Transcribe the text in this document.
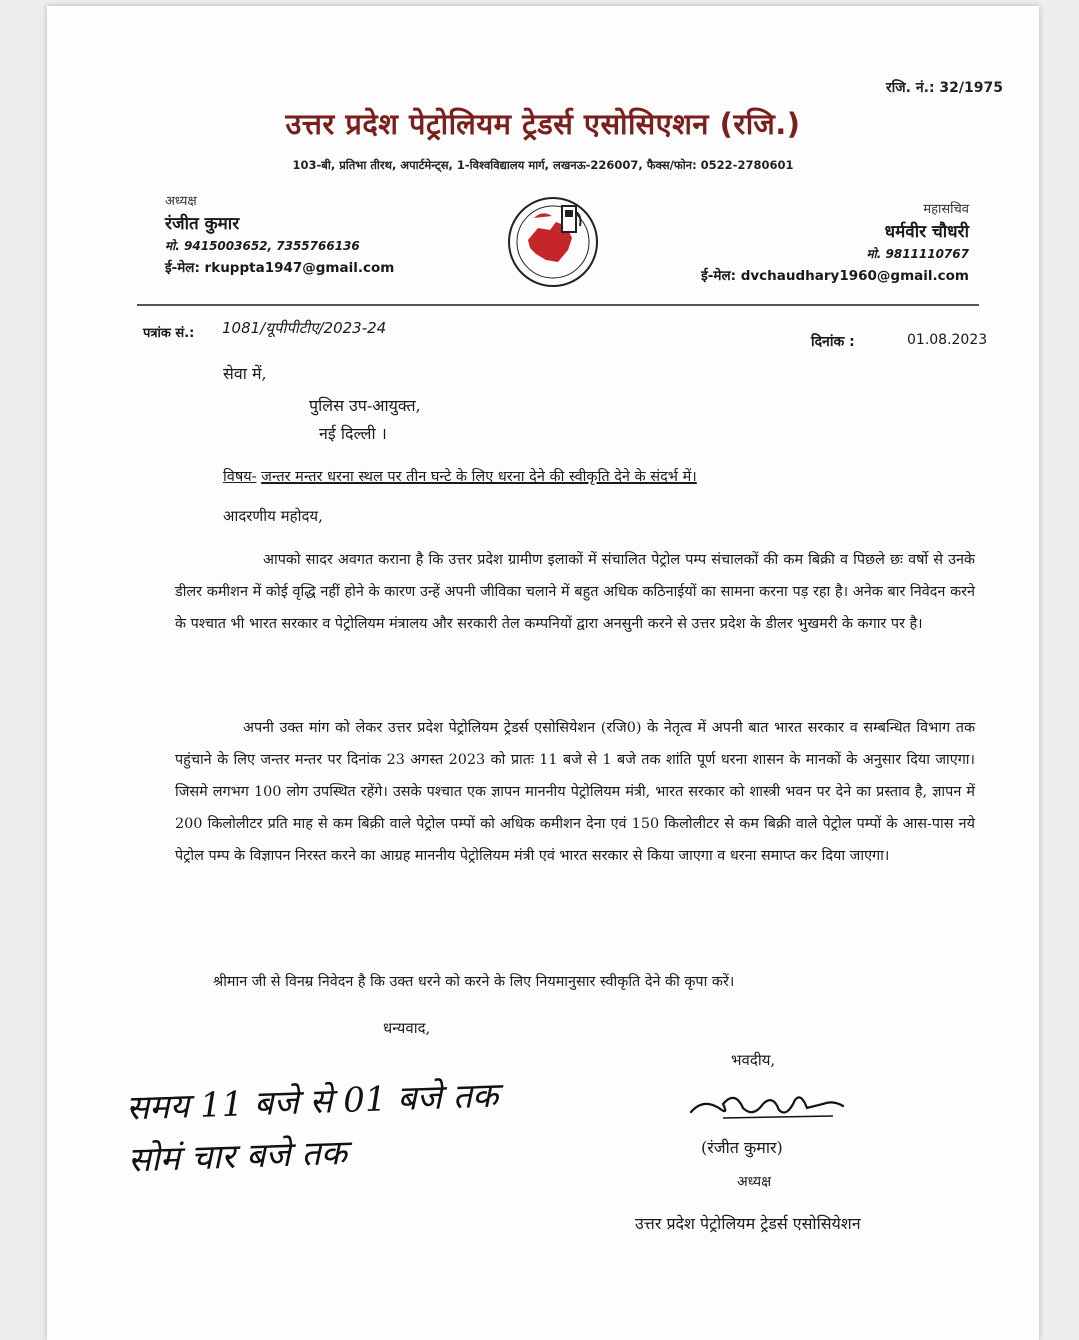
रजि. नं.: 32/1975
उत्तर प्रदेश पेट्रोलियम ट्रेडर्स एसोसिएशन (रजि.)
103-बी, प्रतिभा तीरथ, अपार्टमेन्ट्स, 1-विश्वविद्यालय मार्ग, लखनऊ-226007, फैक्स/फोन: 0522-2780601
अध्यक्ष
रंजीत कुमार
मो. 9415003652, 7355766136
ई-मेल: rkuppta1947@gmail.com
महासचिव
धर्मवीर चौधरी
मो. 9811110767
ई-मेल: dvchaudhary1960@gmail.com
पत्रांक सं.: 1081/यूपीपीटीए/2023-24
दिनांक :	01.08.2023
सेवा में,
पुलिस उप-आयुक्त,
नई दिल्ली ।
विषय- जन्तर मन्तर धरना स्थल पर तीन घन्टे के लिए धरना देने की स्वीकृति देने के संदर्भ में।
आदरणीय महोदय,
आपको सादर अवगत कराना है कि उत्तर प्रदेश ग्रामीण इलाकों में संचालित पेट्रोल पम्प संचालकों की कम बिक्री व पिछले छः वर्षो से उनके डीलर कमीशन में कोई वृद्धि नहीं होने के कारण उन्हें अपनी जीविका चलाने में बहुत अधिक कठिनाईयों का सामना करना पड़ रहा है। अनेक बार निवेदन करने के पश्चात भी भारत सरकार व पेट्रोलियम मंत्रालय और सरकारी तेल कम्पनियों द्वारा अनसुनी करने से उत्तर प्रदेश के डीलर भुखमरी के कगार पर है।
अपनी उक्त मांग को लेकर उत्तर प्रदेश पेट्रोलियम ट्रेडर्स एसोसियेशन (रजि0) के नेतृत्व में अपनी बात भारत सरकार व सम्बन्धित विभाग तक पहुंचाने के लिए जन्तर मन्तर पर दिनांक 23 अगस्त 2023 को प्रातः 11 बजे से 1 बजे तक शांति पूर्ण धरना शासन के मानकों के अनुसार दिया जाएगा। जिसमे लगभग 100 लोग उपस्थित रहेंगे। उसके पश्चात एक ज्ञापन माननीय पेट्रोलियम मंत्री, भारत सरकार को शास्त्री भवन पर देने का प्रस्ताव है, ज्ञापन में 200 किलोलीटर प्रति माह से कम बिक्री वाले पेट्रोल पम्पों को अधिक कमीशन देना एवं 150 किलोलीटर से कम बिक्री वाले पेट्रोल पम्पों के आस-पास नये पेट्रोल पम्प के विज्ञापन निरस्त करने का आग्रह माननीय पेट्रोलियम मंत्री एवं भारत सरकार से किया जाएगा व धरना समाप्त कर दिया जाएगा।
श्रीमान जी से विनम्र निवेदन है कि उक्त धरने को करने के लिए नियमानुसार स्वीकृति देने की कृपा करें।
धन्यवाद,
भवदीय,
(रंजीत कुमार)
अध्यक्ष
उत्तर प्रदेश पेट्रोलियम ट्रेडर्स एसोसियेशन
समय 11 बजे से 01 बजे तक
सोमं चार बजे तक
